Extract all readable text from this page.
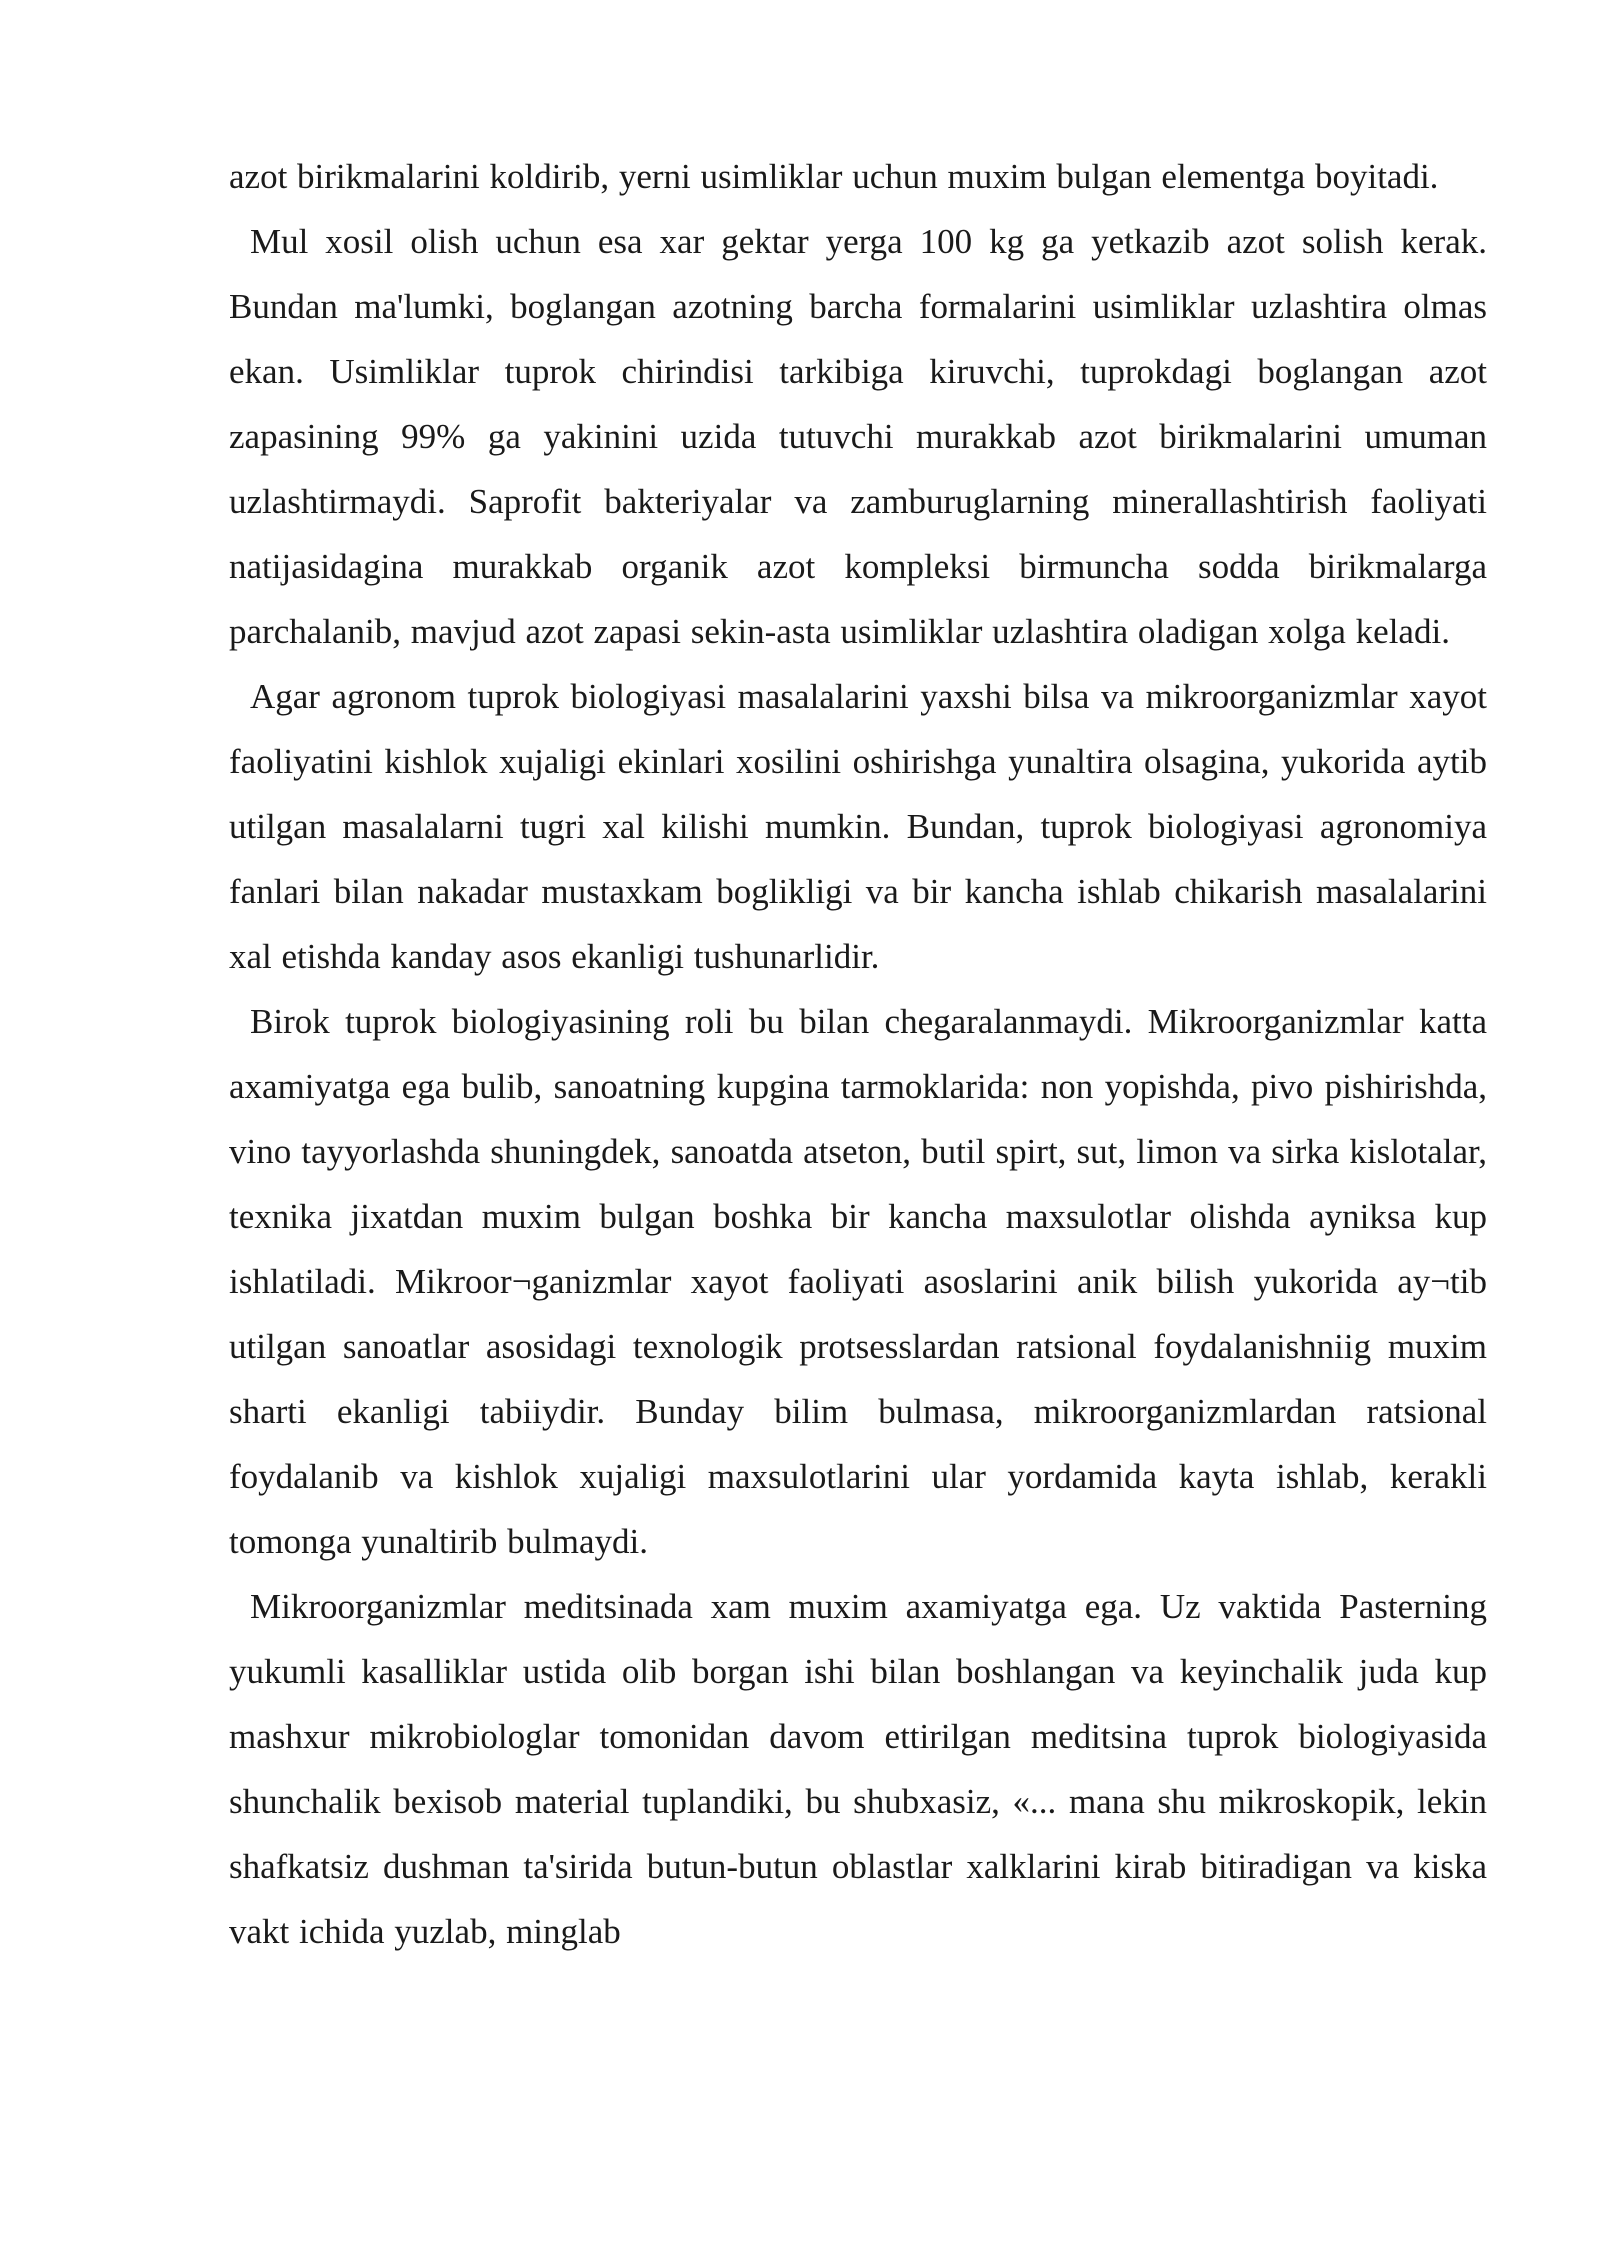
azot birikmalarini koldirib, yerni usimliklar uchun muxim bulgan elementga boyitadi.

Mul xosil olish uchun esa xar gektar yerga 100 kg ga yetkazib azot solish kerak. Bundan ma'lumki, boglangan azotning barcha formalarini usimliklar uzlashtira olmas ekan. Usimliklar tuprok chirindisi tarkibiga kiruvchi, tuprokdagi boglangan azot zapasining 99% ga yakinini uzida tutuvchi murakkab azot birikmalarini umuman uzlashtirmaydi. Saprofit bakteriyalar va zamburuglarning minerallashtirish faoliyati natijasidagina murakkab organik azot kompleksi birmuncha sodda birikmalarga parchalanib, mavjud azot zapasi sekin-asta usimliklar uzlashtira oladigan xolga keladi.

Agar agronom tuprok biologiyasi masalalarini yaxshi bilsa va mikroorganizmlar xayot faoliyatini kishlok xujaligi ekinlari xosilini oshirishga yunaltira olsagina, yukorida aytib utilgan masalalarni tugri xal kilishi mumkin. Bundan, tuprok biologiyasi agronomiya fanlari bilan nakadar mustaxkam boglikligi va bir kancha ishlab chikarish masalalarini xal etishda kanday asos ekanligi tushunarlidir.

Birok tuprok biologiyasining roli bu bilan chegaralanmaydi. Mikroorganizmlar katta axamiyatga ega bulib, sanoatning kupgina tarmoklarida: non yopishda, pivo pishirishda, vino tayyorlashda shuningdek, sanoatda atseton, butil spirt, sut, limon va sirka kislotalar, texnika jixatdan muxim bulgan boshka bir kancha maxsulotlar olishda ayniksa kup ishlatiladi. Mikroor¬ganizmlar xayot faoliyati asoslarini anik bilish yukorida ay¬tib utilgan sanoatlar asosidagi texnologik protsesslardan ratsional foydalanishniig muxim sharti ekanligi tabiiydir. Bunday bilim bulmasa, mikroorganizmlardan ratsional foydalanib va kishlok xujaligi maxsulotlarini ular yordamida kayta ishlab, kerakli tomonga yunaltirib bulmaydi.

Mikroorganizmlar meditsinada xam muxim axamiyatga ega. Uz vaktida Pasterning yukumli kasalliklar ustida olib borgan ishi bilan boshlangan va keyinchalik juda kup mashxur mikrobiologlar tomonidan davom ettirilgan meditsina tuprok biologiyasida shunchalik bexisob material tuplandiki, bu shubxasiz, «... mana shu mikroskopik, lekin shafkatsiz dushman ta'sirida butun-butun oblastlar xalklarini kirab bitiradigan va kiska vakt ichida yuzlab, minglab
